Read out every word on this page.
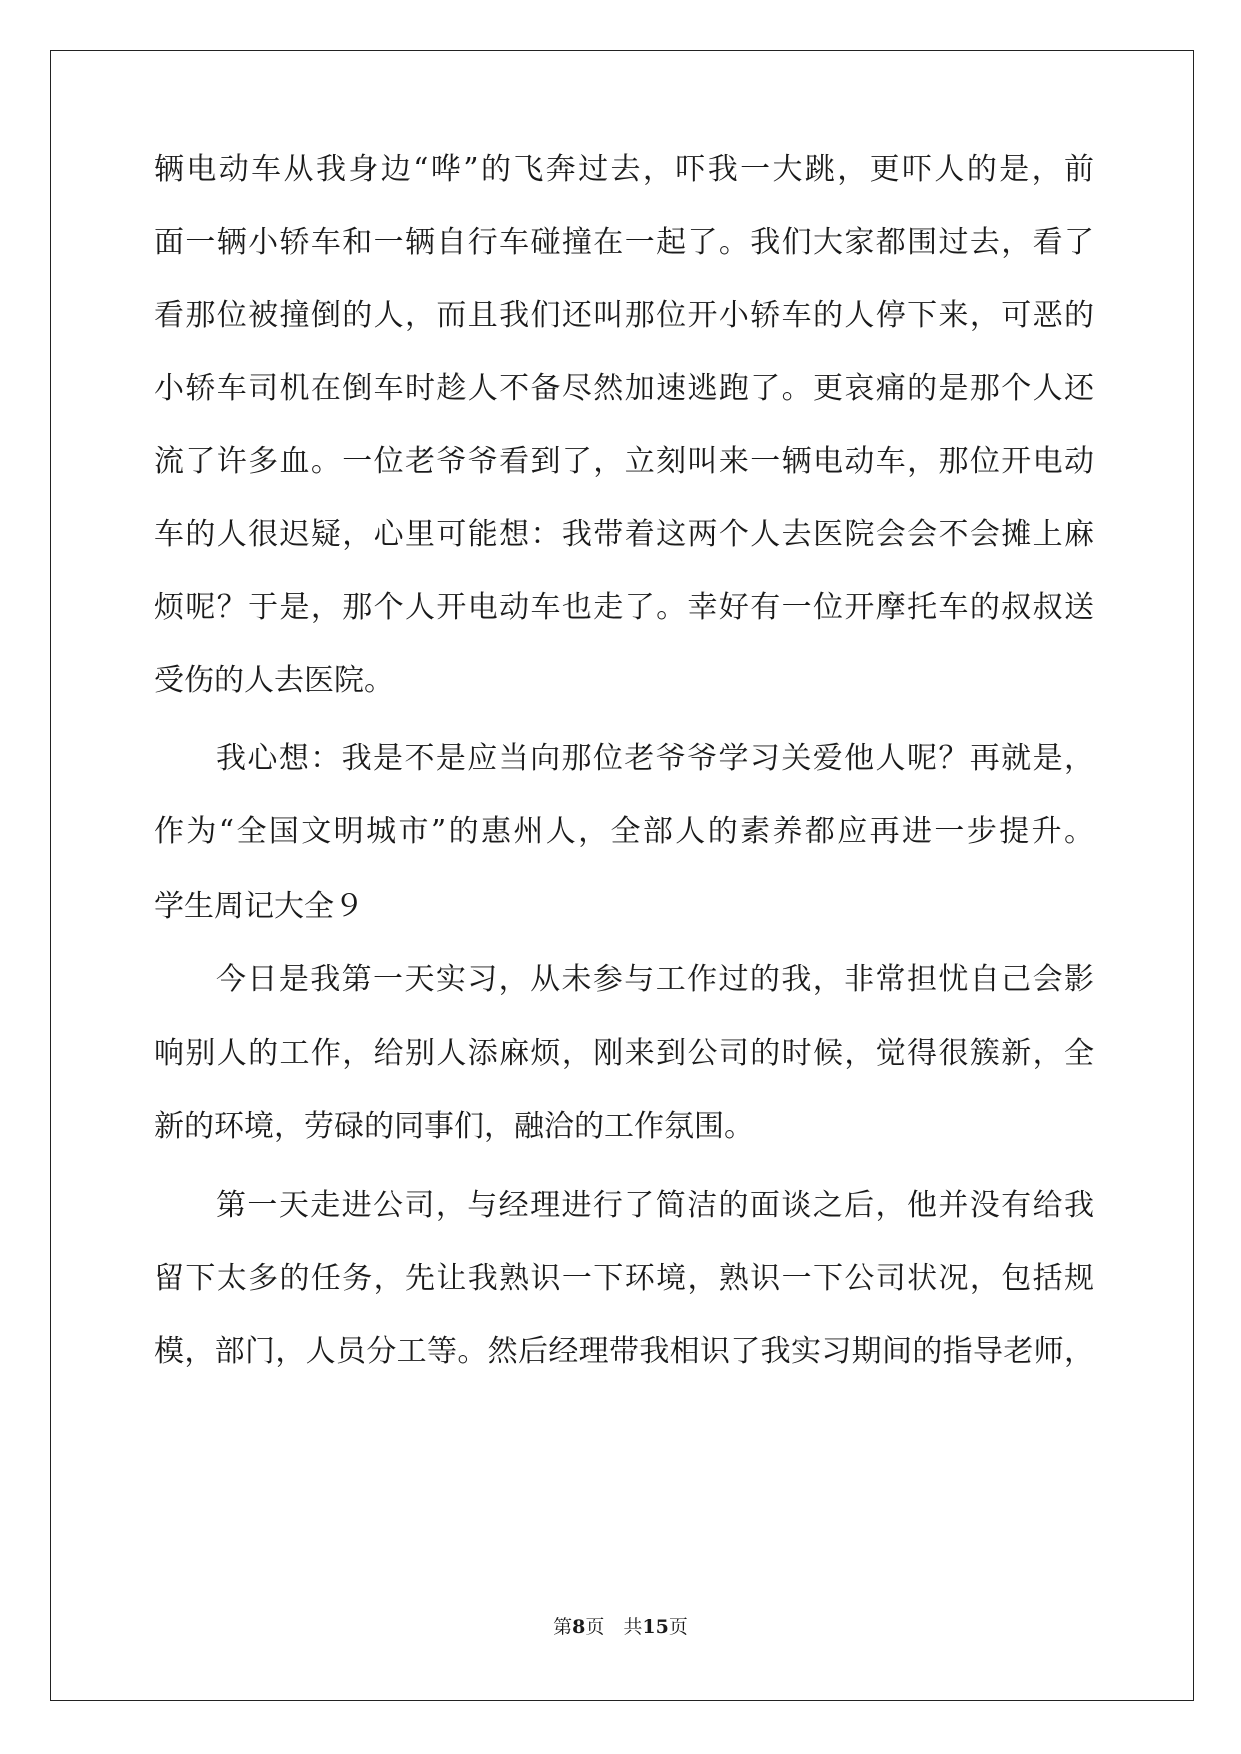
辆电动车从我身边“哗”的飞奔过去，吓我一大跳，更吓人的是，前
面一辆小轿车和一辆自行车碰撞在一起了。我们大家都围过去，看了
看那位被撞倒的人，而且我们还叫那位开小轿车的人停下来，可恶的
小轿车司机在倒车时趁人不备尽然加速逃跑了。更哀痛的是那个人还
流了许多血。一位老爷爷看到了，立刻叫来一辆电动车，那位开电动
车的人很迟疑，心里可能想：我带着这两个人去医院会会不会摊上麻
烦呢？于是，那个人开电动车也走了。幸好有一位开摩托车的叔叔送
受伤的人去医院。
我心想：我是不是应当向那位老爷爷学习关爱他人呢？再就是，
作为“全国文明城市”的惠州人，全部人的素养都应再进一步提升。
学生周记大全９
今日是我第一天实习，从未参与工作过的我，非常担忧自己会影
响别人的工作，给别人添麻烦，刚来到公司的时候，觉得很簇新，全
新的环境，劳碌的同事们，融洽的工作氛围。
第一天走进公司，与经理进行了简洁的面谈之后，他并没有给我
留下太多的任务，先让我熟识一下环境，熟识一下公司状况，包括规
模，部门，人员分工等。然后经理带我相识了我实习期间的指导老师，
第8页　共15页
